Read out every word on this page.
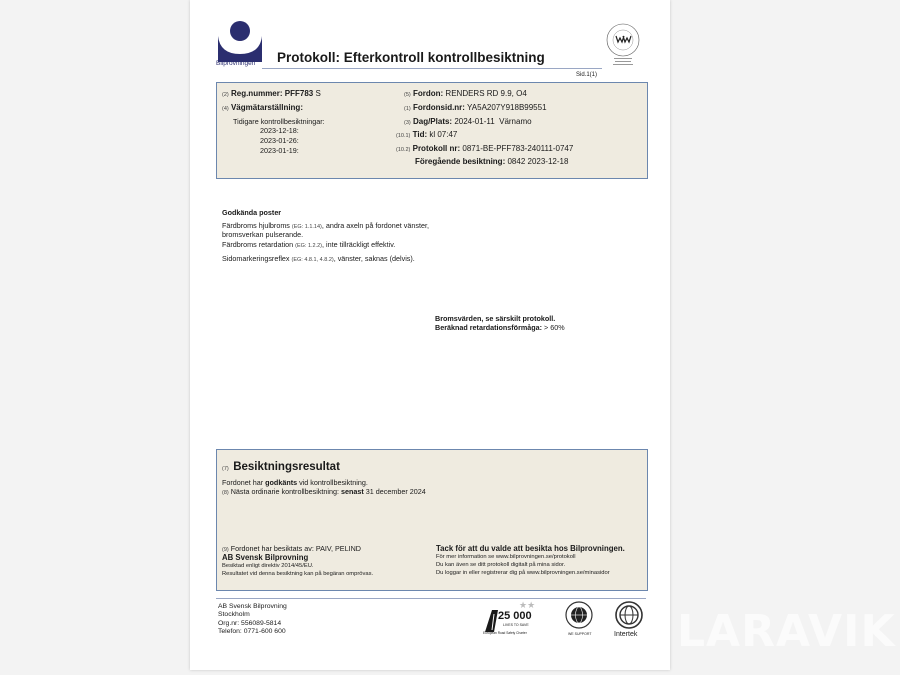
Bilprovningen Protokoll: Efterkontroll kontrollbesiktning
Sid.1(1)
(2) Reg.nummer: PFF783 S
(4) Vägmätarställning:
Tidigare kontrollbesiktningar:
2023-12-18:
2023-01-26:
2023-01-19:
(5) Fordon: RENDERS RD 9.9, O4
(1) Fordonsid.nr: YA5A207Y918B99551
(3) Dag/Plats: 2024-01-11  Värnamo
(10.1) Tid: kl 07:47
(10.2) Protokoll nr: 0871-BE-PFF783-240111-0747
Föregående besiktning: 0842 2023-12-18
Godkända poster
Färdbroms hjulbroms (EG: 1.1.14), andra axeln på fordonet vänster,
bromsverkan pulserande.
Färdbroms retardation (EG: 1.2.2), inte tillräckligt effektiv.
Sidomarkeringsreflex (EG: 4.8.1, 4.8.2), vänster, saknas (delvis).
Bromsvärden, se särskilt protokoll.
Beräknad retardationsförmåga: > 60%
(7) Besiktningsresultat
Fordonet har godkänts vid kontrollbesiktning.
(8) Nästa ordinarie kontrollbesiktning: senast 31 december 2024
(9) Fordonet har besiktats av: PAIV, PELIND
AB Svensk Bilprovning
Besiktad enligt direktiv 2014/45/EU.
Resultatet vid denna besiktning kan på begäran omprövas.
Tack för att du valde att besikta hos Bilprovningen.
För mer information se www.bilprovningen.se/protokoll
Du kan även se ditt protokoll digitalt på mina sidor.
Du loggar in eller registrerar dig på www.bilprovningen.se/minasidor
AB Svensk Bilprovning
Stockholm
Org.nr: 556089-5814
Telefon: 0771-600 600
★★
25 000
LIVES TO SAVE
European Road Safety Charter	WE SUPPORT	Intertek LARAVIK
